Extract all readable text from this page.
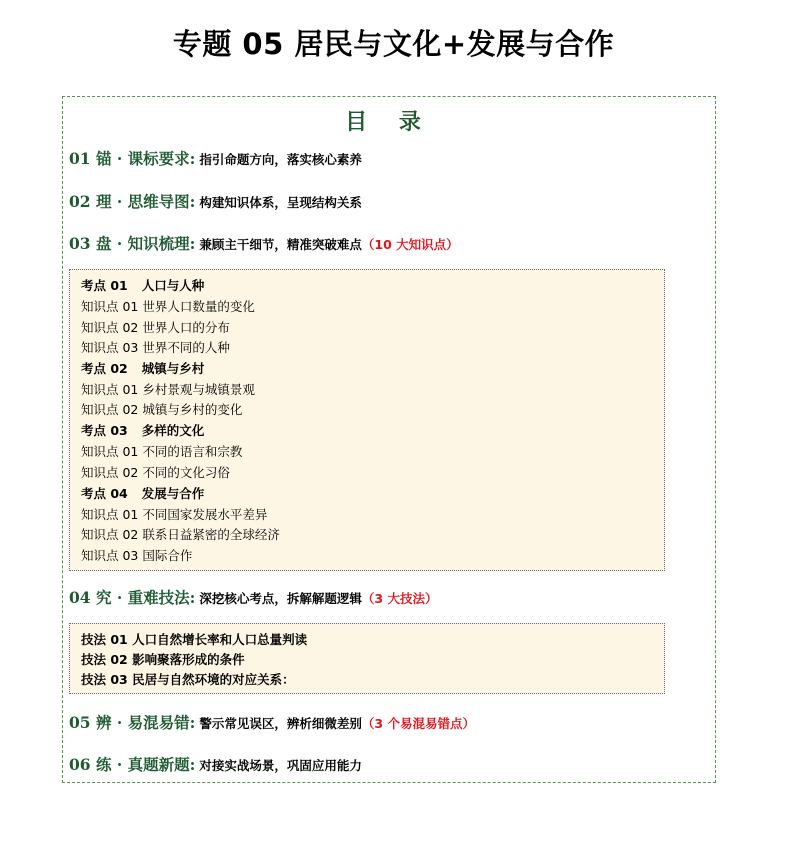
专题 05 居民与文化+发展与合作
目 录
01 锚 · 课标要求: 指引命题方向，落实核心素养
02 理 · 思维导图: 构建知识体系，呈现结构关系
03 盘 · 知识梳理: 兼顾主干细节，精准突破难点（10 大知识点）
考点 01 人口与人种
知识点 01 世界人口数量的变化
知识点 02 世界人口的分布
知识点 03 世界不同的人种
考点 02 城镇与乡村
知识点 01 乡村景观与城镇景观
知识点 02 城镇与乡村的变化
考点 03 多样的文化
知识点 01 不同的语言和宗教
知识点 02 不同的文化习俗
考点 04 发展与合作
知识点 01 不同国家发展水平差异
知识点 02 联系日益紧密的全球经济
知识点 03 国际合作
04 究 · 重难技法: 深挖核心考点，拆解解题逻辑（3 大技法）
技法 01 人口自然增长率和人口总量判读
技法 02 影响聚落形成的条件
技法 03 民居与自然环境的对应关系：
05 辨 · 易混易错: 警示常见误区，辨析细微差别（3 个易混易错点）
06 练 · 真题新题: 对接实战场景，巩固应用能力
